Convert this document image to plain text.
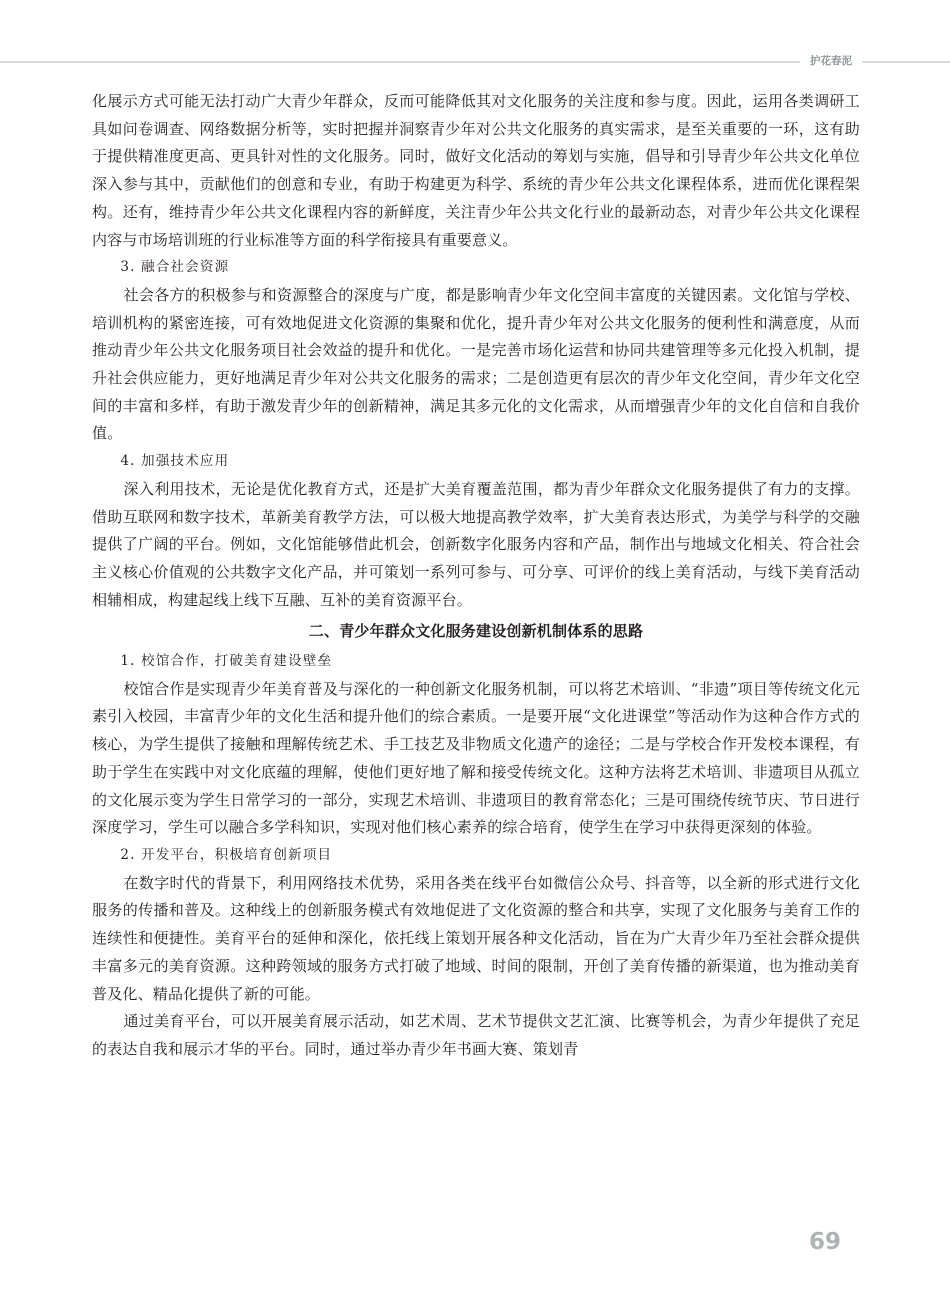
护花春泥

化展示方式可能无法打动广大青少年群众，反而可能降低其对文化服务的关注度和参与度。因此，运用各类调研工具如问卷调查、网络数据分析等，实时把握并洞察青少年对公共文化服务的真实需求，是至关重要的一环，这有助于提供精准度更高、更具针对性的文化服务。同时，做好文化活动的筹划与实施，倡导和引导青少年公共文化单位深入参与其中，贡献他们的创意和专业，有助于构建更为科学、系统的青少年公共文化课程体系，进而优化课程架构。还有，维持青少年公共文化课程内容的新鲜度，关注青少年公共文化行业的最新动态，对青少年公共文化课程内容与市场培训班的行业标准等方面的科学衔接具有重要意义。

3. 融合社会资源

社会各方的积极参与和资源整合的深度与广度，都是影响青少年文化空间丰富度的关键因素。文化馆与学校、培训机构的紧密连接，可有效地促进文化资源的集聚和优化，提升青少年对公共文化服务的便利性和满意度，从而推动青少年公共文化服务项目社会效益的提升和优化。一是完善市场化运营和协同共建管理等多元化投入机制，提升社会供应能力，更好地满足青少年对公共文化服务的需求；二是创造更有层次的青少年文化空间，青少年文化空间的丰富和多样，有助于激发青少年的创新精神，满足其多元化的文化需求，从而增强青少年的文化自信和自我价值。

4. 加强技术应用

深入利用技术，无论是优化教育方式，还是扩大美育覆盖范围，都为青少年群众文化服务提供了有力的支撑。借助互联网和数字技术，革新美育教学方法，可以极大地提高教学效率，扩大美育表达形式，为美学与科学的交融提供了广阔的平台。例如，文化馆能够借此机会，创新数字化服务内容和产品，制作出与地域文化相关、符合社会主义核心价值观的公共数字文化产品，并可策划一系列可参与、可分享、可评价的线上美育活动，与线下美育活动相辅相成，构建起线上线下互融、互补的美育资源平台。

二、青少年群众文化服务建设创新机制体系的思路

1. 校馆合作，打破美育建设壁垒

校馆合作是实现青少年美育普及与深化的一种创新文化服务机制，可以将艺术培训、“非遗”项目等传统文化元素引入校园，丰富青少年的文化生活和提升他们的综合素质。一是要开展“文化进课堂”等活动作为这种合作方式的核心，为学生提供了接触和理解传统艺术、手工技艺及非物质文化遗产的途径；二是与学校合作开发校本课程，有助于学生在实践中对文化底蕴的理解，使他们更好地了解和接受传统文化。这种方法将艺术培训、非遗项目从孤立的文化展示变为学生日常学习的一部分，实现艺术培训、非遗项目的教育常态化；三是可围绕传统节庆、节日进行深度学习，学生可以融合多学科知识，实现对他们核心素养的综合培育，使学生在学习中获得更深刻的体验。

2. 开发平台，积极培育创新项目

在数字时代的背景下，利用网络技术优势，采用各类在线平台如微信公众号、抖音等，以全新的形式进行文化服务的传播和普及。这种线上的创新服务模式有效地促进了文化资源的整合和共享，实现了文化服务与美育工作的连续性和便捷性。美育平台的延伸和深化，依托线上策划开展各种文化活动，旨在为广大青少年乃至社会群众提供丰富多元的美育资源。这种跨领域的服务方式打破了地域、时间的限制，开创了美育传播的新渠道，也为推动美育普及化、精品化提供了新的可能。

通过美育平台，可以开展美育展示活动，如艺术周、艺术节提供文艺汇演、比赛等机会，为青少年提供了充足的表达自我和展示才华的平台。同时，通过举办青少年书画大赛、策划青

69
